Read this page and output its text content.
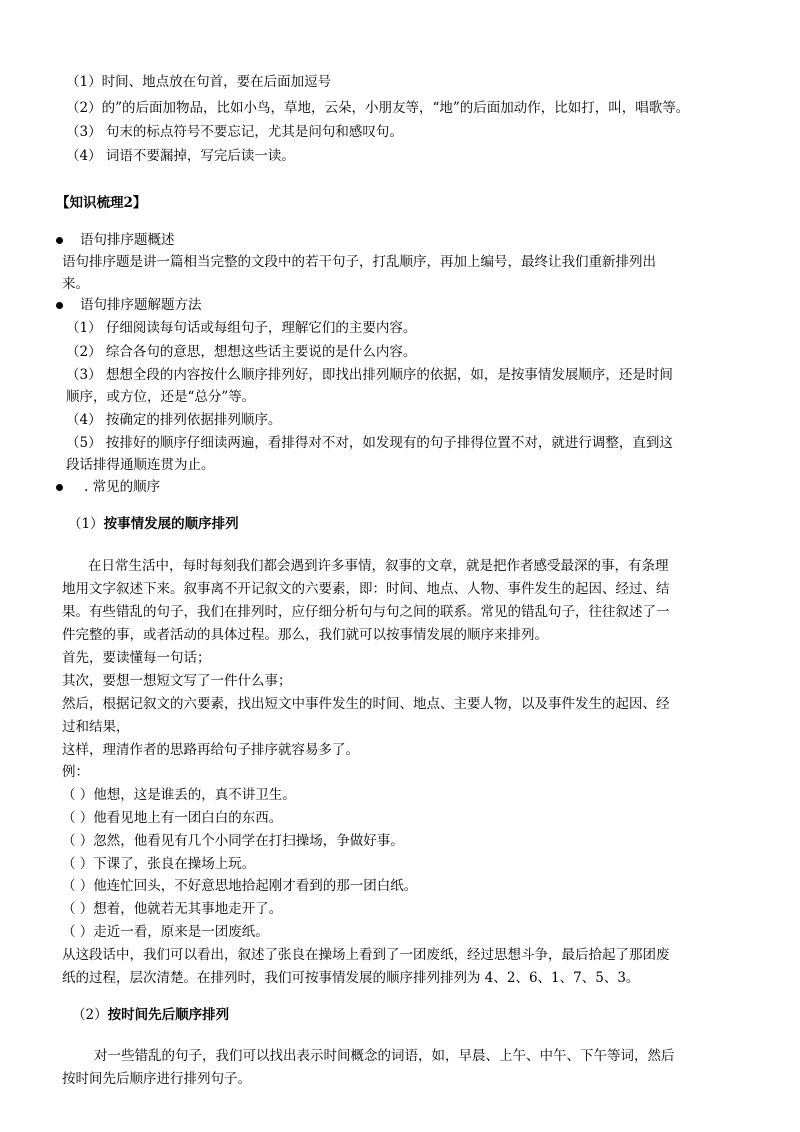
（1）时间、地点放在句首，要在后面加逗号
（2）的”的后面加物品，比如小鸟，草地，云朵，小朋友等，“地”的后面加动作，比如打，叫，唱歌等。
（3） 句末的标点符号不要忘记，尤其是问句和感叹句。
（4） 词语不要漏掉，写完后读一读。
【知识梳理2】
语句排序题概述
语句排序题是讲一篇相当完整的文段中的若干句子，打乱顺序，再加上编号，最终让我们重新排列出
来。
语句排序题解题方法
（1） 仔细阅读每句话或每组句子，理解它们的主要内容。
（2） 综合各句的意思，想想这些话主要说的是什么内容。
（3） 想想全段的内容按什么顺序排列好，即找出排列顺序的依据，如，是按事情发展顺序，还是时间
顺序，或方位，还是“总分”等。
（4） 按确定的排列依据排列顺序。
（5） 按排好的顺序仔细读两遍，看排得对不对，如发现有的句子排得位置不对，就进行调整，直到这
段话排得通顺连贯为止。
. 常见的顺序
（1）按事情发展的顺序排列
在日常生活中，每时每刻我们都会遇到许多事情，叙事的文章，就是把作者感受最深的事，有条理
地用文字叙述下来。叙事离不开记叙文的六要素，即：时间、地点、人物、事件发生的起因、经过、结
果。有些错乱的句子，我们在排列时，应仔细分析句与句之间的联系。常见的错乱句子，往往叙述了一
件完整的事，或者活动的具体过程。那么，我们就可以按事情发展的顺序来排列。
首先，要读懂每一句话；
其次，要想一想短文写了一件什么事；
然后，根据记叙文的六要素，找出短文中事件发生的时间、地点、主要人物，以及事件发生的起因、经
过和结果，
这样，理清作者的思路再给句子排序就容易多了。
例：
（ ）他想，这是谁丢的，真不讲卫生。
（ ）他看见地上有一团白白的东西。
（ ）忽然，他看见有几个小同学在打扫操场，争做好事。
（ ）下课了，张良在操场上玩。
（ ）他连忙回头，不好意思地拾起刚才看到的那一团白纸。
（ ）想着，他就若无其事地走开了。
（ ）走近一看，原来是一团废纸。
从这段话中，我们可以看出，叙述了张良在操场上看到了一团废纸，经过思想斗争，最后拾起了那团废
纸的过程，层次清楚。在排列时，我们可按事情发展的顺序排列排列为 4、2、6、1、7、5、3。
（2）按时间先后顺序排列
对一些错乱的句子，我们可以找出表示时间概念的词语，如，早晨、上午、中午、下午等词，然后
按时间先后顺序进行排列句子。
